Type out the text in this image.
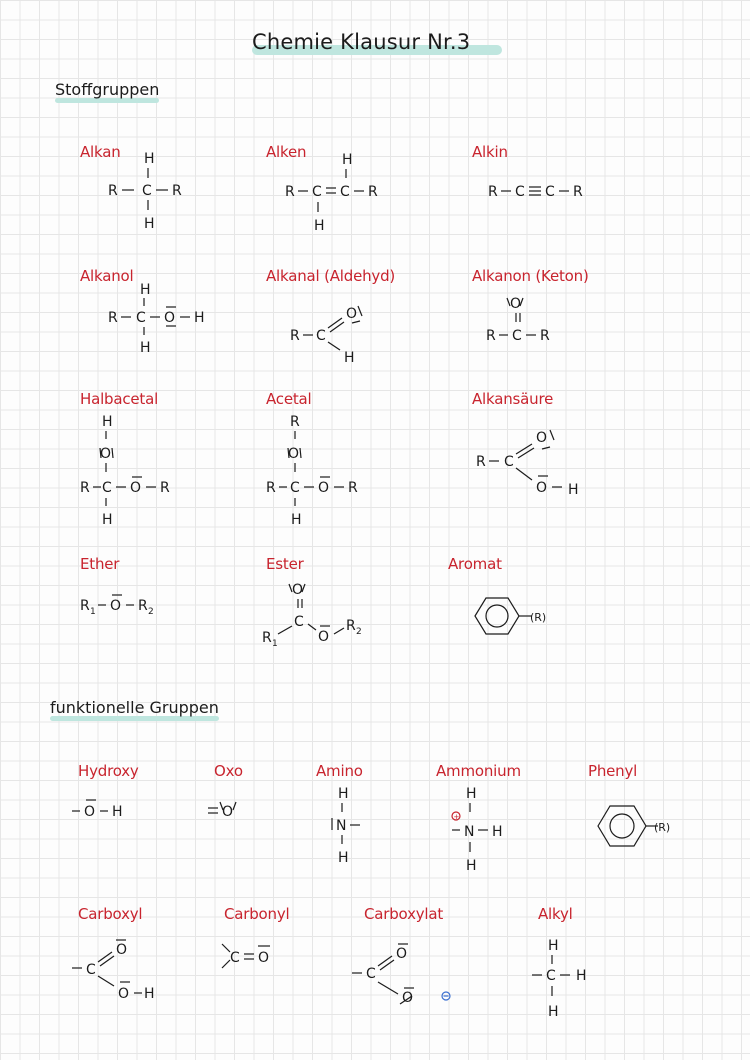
Chemie Klausur Nr.3
Stoffgruppen
funktionelle Gruppen
Alkan	Alken	Alkin
Alkanol	Alkanal (Aldehyd)	Alkanon (Keton)
Halbacetal	Acetal	Alkansäure
Ether	Ester	Aromat
Hydroxy	Oxo	Amino	Ammonium	Phenyl
Carboxyl	Carbonyl	Carboxylat	Alkyl
H
R C R
H
H
R C C R
H
R C C R
H
R C O H
H
R C
O
H
O
R C R
H
O
R C O R
H
R
O
R C O R
H
R C
O
O H
R 1 O R 2
O
C
R 1	O
R 2
(R)
O H	O
H
N
H
H
+
N H
H
(R)
C
O
O H
C O
C
O
O
H
C H
H
